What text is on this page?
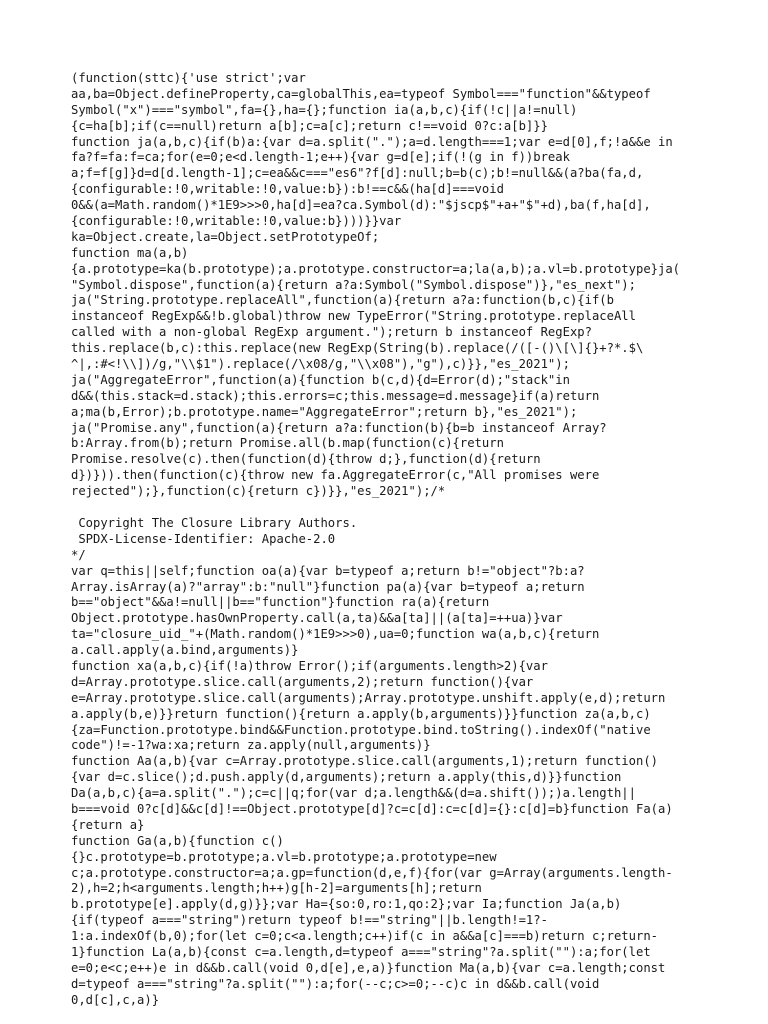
(function(sttc){'use strict';var
aa,ba=Object.defineProperty,ca=globalThis,ea=typeof Symbol==="function"&&typeof
Symbol("x")==="symbol",fa={},ha={};function ia(a,b,c){if(!c||a!=null)
{c=ha[b];if(c==null)return a[b];c=a[c];return c!==void 0?c:a[b]}}
function ja(a,b,c){if(b)a:{var d=a.split(".");a=d.length===1;var e=d[0],f;!a&&e in
fa?f=fa:f=ca;for(e=0;e<d.length-1;e++){var g=d[e];if(!(g in f))break
a;f=f[g]}d=d[d.length-1];c=ea&&c==="es6"?f[d]:null;b=b(c);b!=null&&(a?ba(fa,d,
{configurable:!0,writable:!0,value:b}):b!==c&&(ha[d]===void
0&&(a=Math.random()*1E9>>>0,ha[d]=ea?ca.Symbol(d):"$jscp$"+a+"$"+d),ba(f,ha[d],
{configurable:!0,writable:!0,value:b})))}}var
ka=Object.create,la=Object.setPrototypeOf;
function ma(a,b)
{a.prototype=ka(b.prototype);a.prototype.constructor=a;la(a,b);a.vl=b.prototype}ja(
"Symbol.dispose",function(a){return a?a:Symbol("Symbol.dispose")},"es_next");
ja("String.prototype.replaceAll",function(a){return a?a:function(b,c){if(b
instanceof RegExp&&!b.global)throw new TypeError("String.prototype.replaceAll
called with a non-global RegExp argument.");return b instanceof RegExp?
this.replace(b,c):this.replace(new RegExp(String(b).replace(/([-()\[\]{}+?*.$\
^|,:#<!\\])/g,"\\$1").replace(/\x08/g,"\\x08"),"g"),c)}},"es_2021");
ja("AggregateError",function(a){function b(c,d){d=Error(d);"stack"in
d&&(this.stack=d.stack);this.errors=c;this.message=d.message}if(a)return
a;ma(b,Error);b.prototype.name="AggregateError";return b},"es_2021");
ja("Promise.any",function(a){return a?a:function(b){b=b instanceof Array?
b:Array.from(b);return Promise.all(b.map(function(c){return
Promise.resolve(c).then(function(d){throw d;},function(d){return
d})})).then(function(c){throw new fa.AggregateError(c,"All promises were
rejected");},function(c){return c})}},"es_2021");/*
Copyright The Closure Library Authors.
SPDX-License-Identifier: Apache-2.0
*/
var q=this||self;function oa(a){var b=typeof a;return b!="object"?b:a?
Array.isArray(a)?"array":b:"null"}function pa(a){var b=typeof a;return
b=="object"&&a!=null||b=="function"}function ra(a){return
Object.prototype.hasOwnProperty.call(a,ta)&&a[ta]||(a[ta]=++ua)}var
ta="closure_uid_"+(Math.random()*1E9>>>0),ua=0;function wa(a,b,c){return
a.call.apply(a.bind,arguments)}
function xa(a,b,c){if(!a)throw Error();if(arguments.length>2){var
d=Array.prototype.slice.call(arguments,2);return function(){var
e=Array.prototype.slice.call(arguments);Array.prototype.unshift.apply(e,d);return
a.apply(b,e)}}return function(){return a.apply(b,arguments)}}function za(a,b,c)
{za=Function.prototype.bind&&Function.prototype.bind.toString().indexOf("native
code")!=-1?wa:xa;return za.apply(null,arguments)}
function Aa(a,b){var c=Array.prototype.slice.call(arguments,1);return function()
{var d=c.slice();d.push.apply(d,arguments);return a.apply(this,d)}}function
Da(a,b,c){a=a.split(".");c=c||q;for(var d;a.length&&(d=a.shift());)a.length||
b===void 0?c[d]&&c[d]!==Object.prototype[d]?c=c[d]:c=c[d]={}:c[d]=b}function Fa(a)
{return a}
function Ga(a,b){function c()
{}c.prototype=b.prototype;a.vl=b.prototype;a.prototype=new
c;a.prototype.constructor=a;a.gp=function(d,e,f){for(var g=Array(arguments.length-
2),h=2;h<arguments.length;h++)g[h-2]=arguments[h];return
b.prototype[e].apply(d,g)}};var Ha={so:0,ro:1,qo:2};var Ia;function Ja(a,b)
{if(typeof a==="string")return typeof b!=="string"||b.length!=1?-
1:a.indexOf(b,0);for(let c=0;c<a.length;c++)if(c in a&&a[c]===b)return c;return-
1}function La(a,b){const c=a.length,d=typeof a==="string"?a.split(""):a;for(let
e=0;e<c;e++)e in d&&b.call(void 0,d[e],e,a)}function Ma(a,b){var c=a.length;const
d=typeof a==="string"?a.split(""):a;for(--c;c>=0;--c)c in d&&b.call(void
0,d[c],c,a)}
